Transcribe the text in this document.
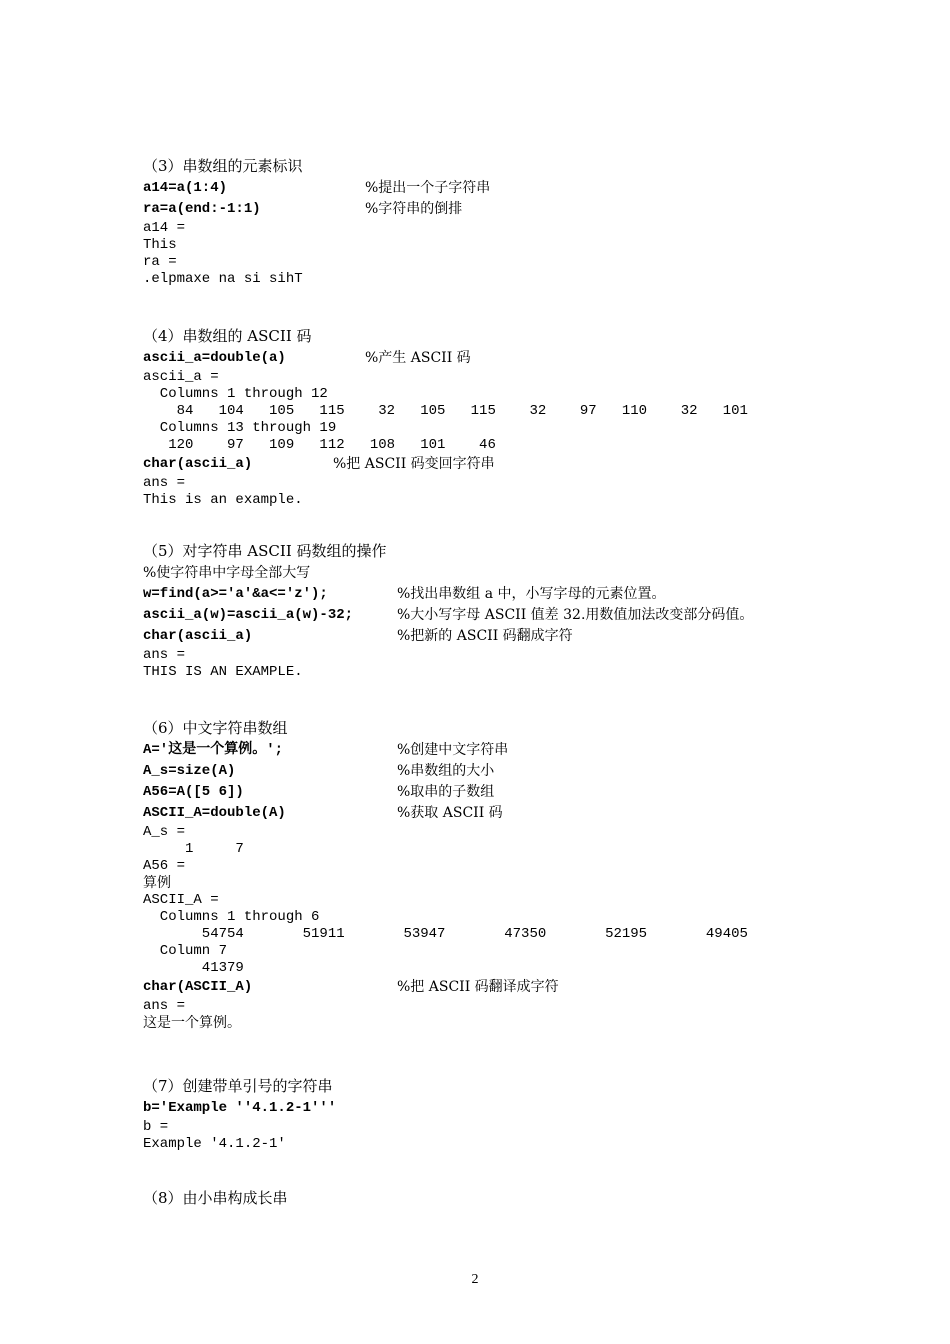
（3）串数组的元素标识
a14=a(1:4)	%提出一个子字符串
ra=a(end:-1:1)	%字符串的倒排
a14 =
This
ra =
.elpmaxe na si sihT
（4）串数组的 ASCII 码
ascii_a=double(a)	%产生 ASCII 码
ascii_a =
Columns 1 through 12
84   104   105   115    32   105   115    32    97   110    32   101
Columns 13 through 19
120    97   109   112   108   101    46
char(ascii_a)	%把 ASCII 码变回字符串
ans =
This is an example.
（5）对字符串 ASCII 码数组的操作
%使字符串中字母全部大写
w=find(a>='a'&a<='z');	%找出串数组 a 中，小写字母的元素位置。
ascii_a(w)=ascii_a(w)-32;	%大小写字母 ASCII 值差 32.用数值加法改变部分码值。
char(ascii_a)	%把新的 ASCII 码翻成字符
ans =
THIS IS AN EXAMPLE.
（6）中文字符串数组
A='这是一个算例。';	%创建中文字符串
A_s=size(A)	%串数组的大小
A56=A([5 6])	%取串的子数组
ASCII_A=double(A)	%获取 ASCII 码
A_s =
1     7
A56 =
算例
ASCII_A =
Columns 1 through 6
54754       51911       53947       47350       52195       49405
Column 7
41379
char(ASCII_A)	%把 ASCII 码翻译成字符
ans =
这是一个算例。
（7）创建带单引号的字符串
b='Example ''4.1.2-1'''
b =
Example '4.1.2-1'
（8）由小串构成长串
2
